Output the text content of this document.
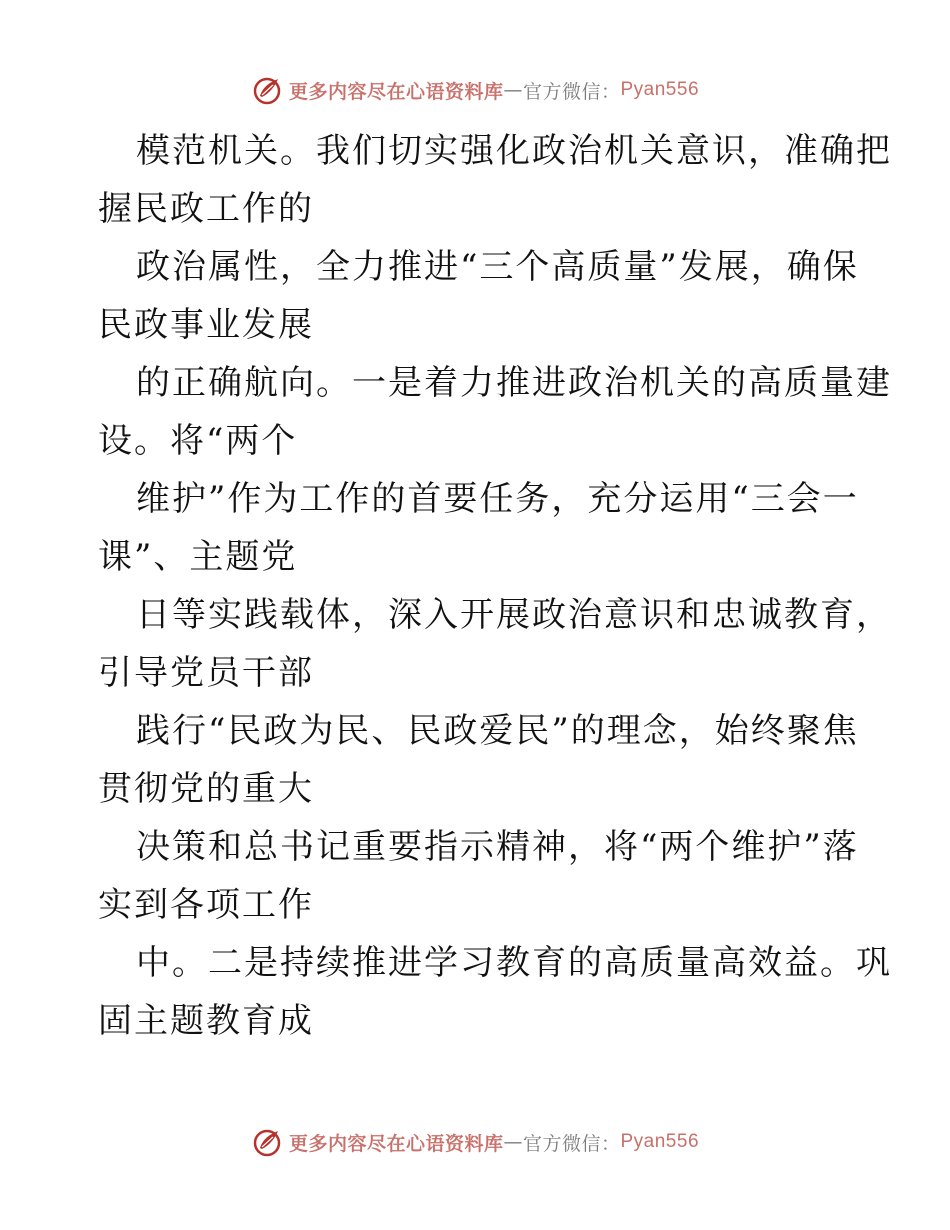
更多内容尽在心语资料库 — 官方微信： Pyan556
模范机关。我们切实强化政治机关意识，准确把
握民政工作的
政治属性，全力推进“三个高质量”发展，确保
民政事业发展
的正确航向。一是着力推进政治机关的高质量建
设。将“两个
维护”作为工作的首要任务，充分运用“三会一
课”、主题党
日等实践载体，深入开展政治意识和忠诚教育，
引导党员干部
践行“民政为民、民政爱民”的理念，始终聚焦
贯彻党的重大
决策和总书记重要指示精神，将“两个维护”落
实到各项工作
中。二是持续推进学习教育的高质量高效益。巩
固主题教育成
更多内容尽在心语资料库 — 官方微信： Pyan556
